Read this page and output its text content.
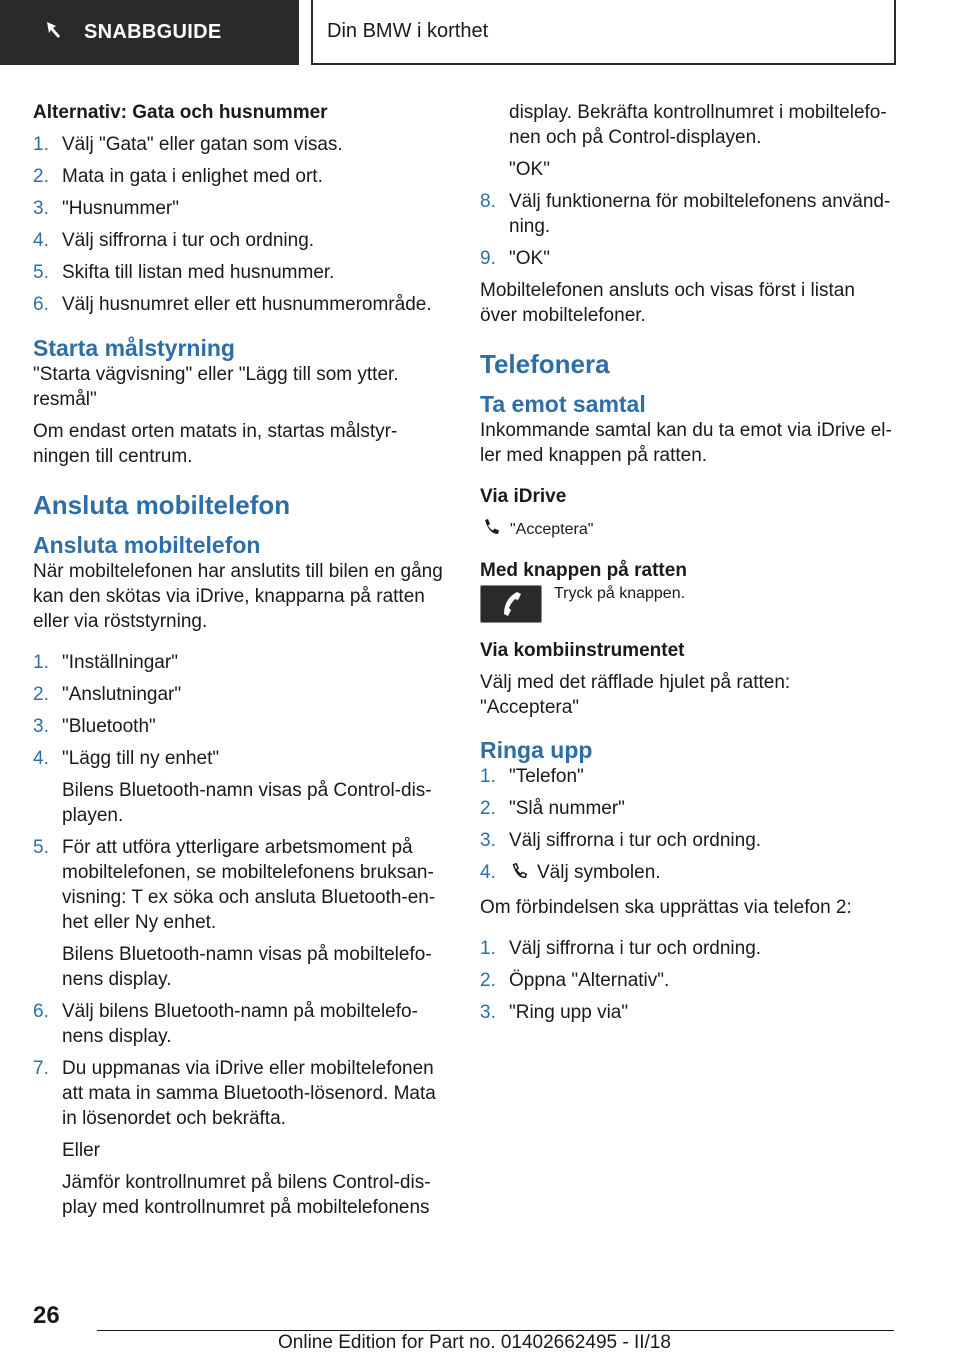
SNABBGUIDE	Din BMW i korthet
Alternativ: Gata och husnummer
1. Välj "Gata" eller gatan som visas.
2. Mata in gata i enlighet med ort.
3. "Husnummer"
4. Välj siffrorna i tur och ordning.
5. Skifta till listan med husnummer.
6. Välj husnumret eller ett husnummerområde.
Starta målstyrning

"Starta vägvisning" eller "Lägg till som ytter. resmål"

Om endast orten matats in, startas målstyrningen till centrum.

Ansluta mobiltelefon
Ansluta mobiltelefon

När mobiltelefonen har anslutits till bilen en gång kan den skötas via iDrive, knapparna på ratten eller via röststyrning.

1. "Inställningar"
2. "Anslutningar"
3. "Bluetooth"
4. "Lägg till ny enhet"

Bilens Bluetooth-namn visas på Control-displayen.

5. För att utföra ytterligare arbetsmoment på mobiltelefonen, se mobiltelefonens bruksanvisning: T ex söka och ansluta Bluetooth-enhet eller Ny enhet.

Bilens Bluetooth-namn visas på mobiltelefonens display.

6. Välj bilens Bluetooth-namn på mobiltelefonens display.
7. Du uppmanas via iDrive eller mobiltelefonen att mata in samma Bluetooth-lösenord. Mata in lösenordet och bekräfta.

Eller

Jämför kontrollnumret på bilens Control-display med kontrollnumret på mobiltelefonens

display. Bekräfta kontrollnumret i mobiltelefonen och på Control-displayen.

"OK"

8. Välj funktionerna för mobiltelefonens användning.
9. "OK"

Mobiltelefonen ansluts och visas först i listan över mobiltelefoner.

Telefonera
Ta emot samtal

Inkommande samtal kan du ta emot via iDrive eller med knappen på ratten.

Via iDrive
"Acceptera"
Med knappen på ratten
Tryck på knappen.
Via kombiinstrumentet

Välj med det räfflade hjulet på ratten: "Acceptera"

Ringa upp
1. "Telefon"
2. "Slå nummer"
3. Välj siffrorna i tur och ordning.
4. Välj symbolen.

Om förbindelsen ska upprättas via telefon 2:

1. Välj siffrorna i tur och ordning.
2. Öppna "Alternativ".
3. "Ring upp via"
26
Online Edition for Part no. 01402662495 - II/18
